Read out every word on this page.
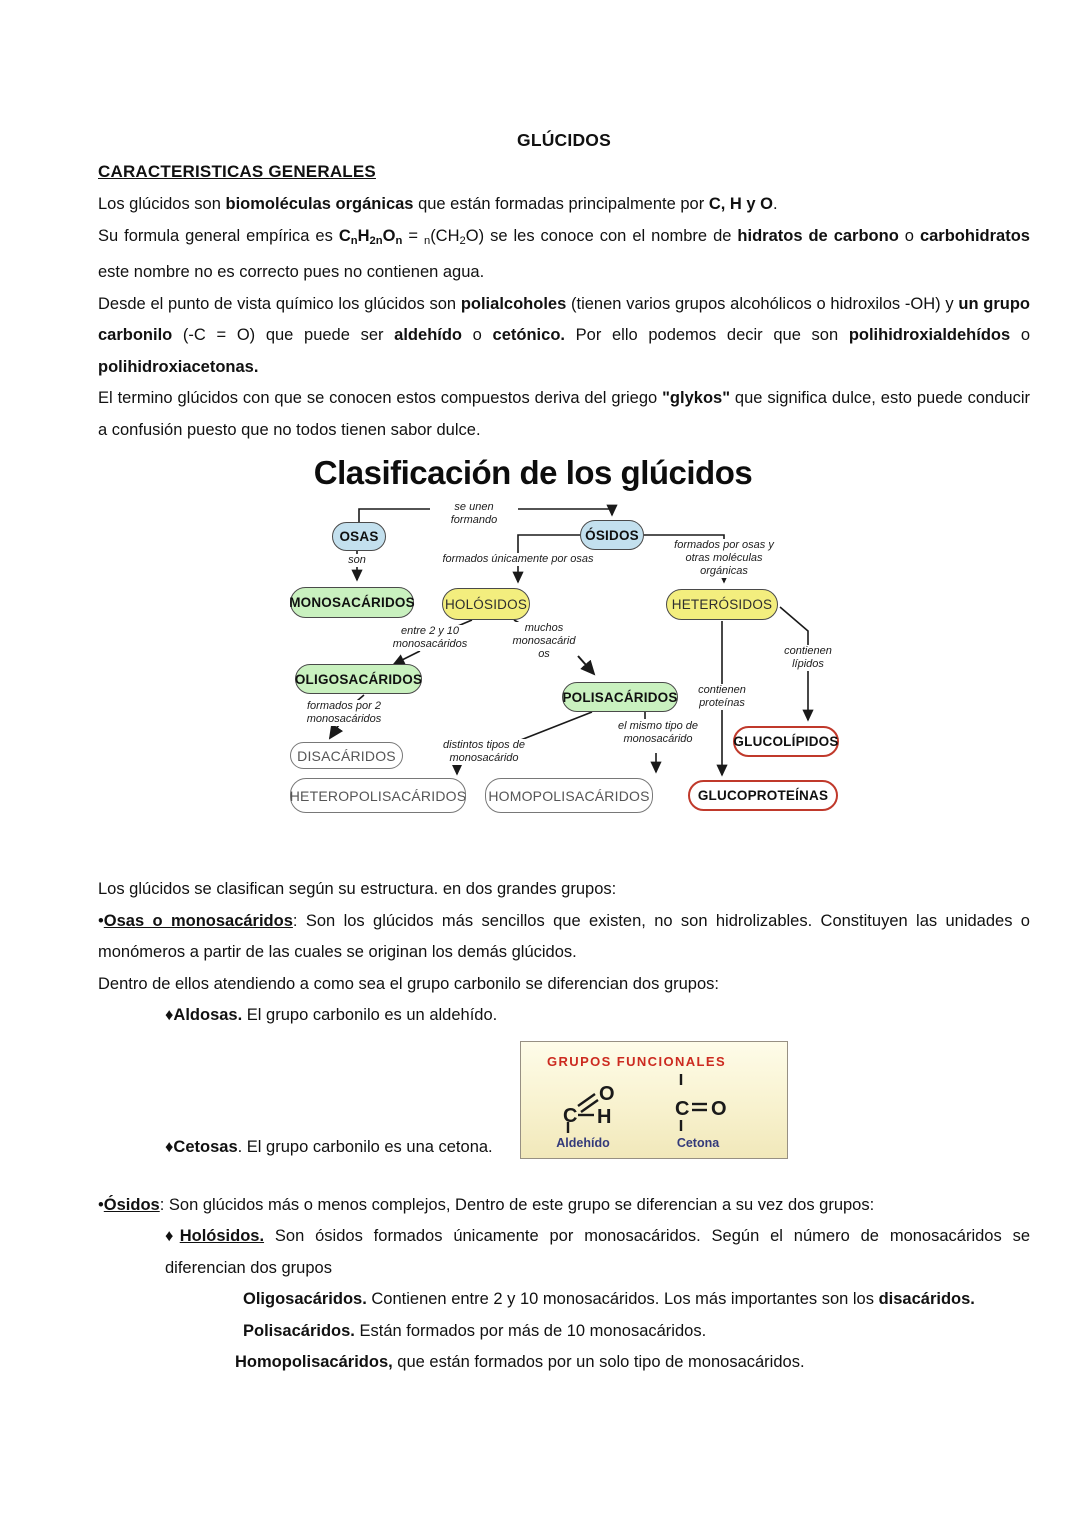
GLÚCIDOS
CARACTERISTICAS GENERALES

Los glúcidos son biomoléculas orgánicas que están formadas principalmente por C, H y O.

Su formula general empírica es $C_nH_{2n}O_n = _n(CH_2O)$ se les conoce con el nombre de hidratos de carbono o carbohidratos este nombre no es correcto pues no contienen agua.

Desde el punto de vista químico los glúcidos son polialcoholes (tienen varios grupos alcohólicos o hidroxilos -OH) y un grupo carbonilo (-C = O) que puede ser aldehído o cetónico. Por ello podemos decir que son polihidroxialdehídos o polihidroxiacetonas.

El termino glúcidos con que se conocen estos compuestos deriva del griego "glykos" que significa dulce, esto puede conducir a confusión puesto que no todos tienen sabor dulce.

Clasificación de los glúcidos
se unen formando
son	formados únicamente por osas
formados por osas y otras moléculas orgánicas
entre 2 y 10 monosacáridos
muchos monosacárid os	contienen lípidos
contienen proteínas
formados por 2 monosacáridos
el mismo tipo de monosacárido
distintos tipos de monosacárido
OSAS	ÓSIDOS
MONOSACÁRIDOS HOLÓSIDOS	HETERÓSIDOS
OLIGOSACÁRIDOS
POLISACÁRIDOS
DISACÁRIDOS
HETEROPOLISACÁRIDOS HOMOPOLISACÁRIDOS
GLUCOLÍPIDOS
GLUCOPROTEÍNAS

Los glúcidos se clasifican según su estructura. en dos grandes grupos:

•Osas o monosacáridos: Son los glúcidos más sencillos que existen, no son hidrolizables. Constituyen las unidades o monómeros a partir de las cuales se originan los demás glúcidos.

Dentro de ellos atendiendo a como sea el grupo carbonilo se diferencian dos grupos:

♦Aldosas. El grupo carbonilo es un aldehído.

♦Cetosas. El grupo carbonilo es una cetona.

GRUPOS FUNCIONALES
C
O
H	C O
Aldehído	Cetona

•Ósidos: Son glúcidos más o menos complejos, Dentro de este grupo se diferencian a su vez dos grupos:

♦Holósidos. Son ósidos formados únicamente por monosacáridos. Según el número de monosacáridos se diferencian dos grupos

Oligosacáridos. Contienen entre 2 y 10 monosacáridos. Los más importantes son los disacáridos.

Polisacáridos. Están formados por más de 10 monosacáridos.

Homopolisacáridos, que están formados por un solo tipo de monosacáridos.
